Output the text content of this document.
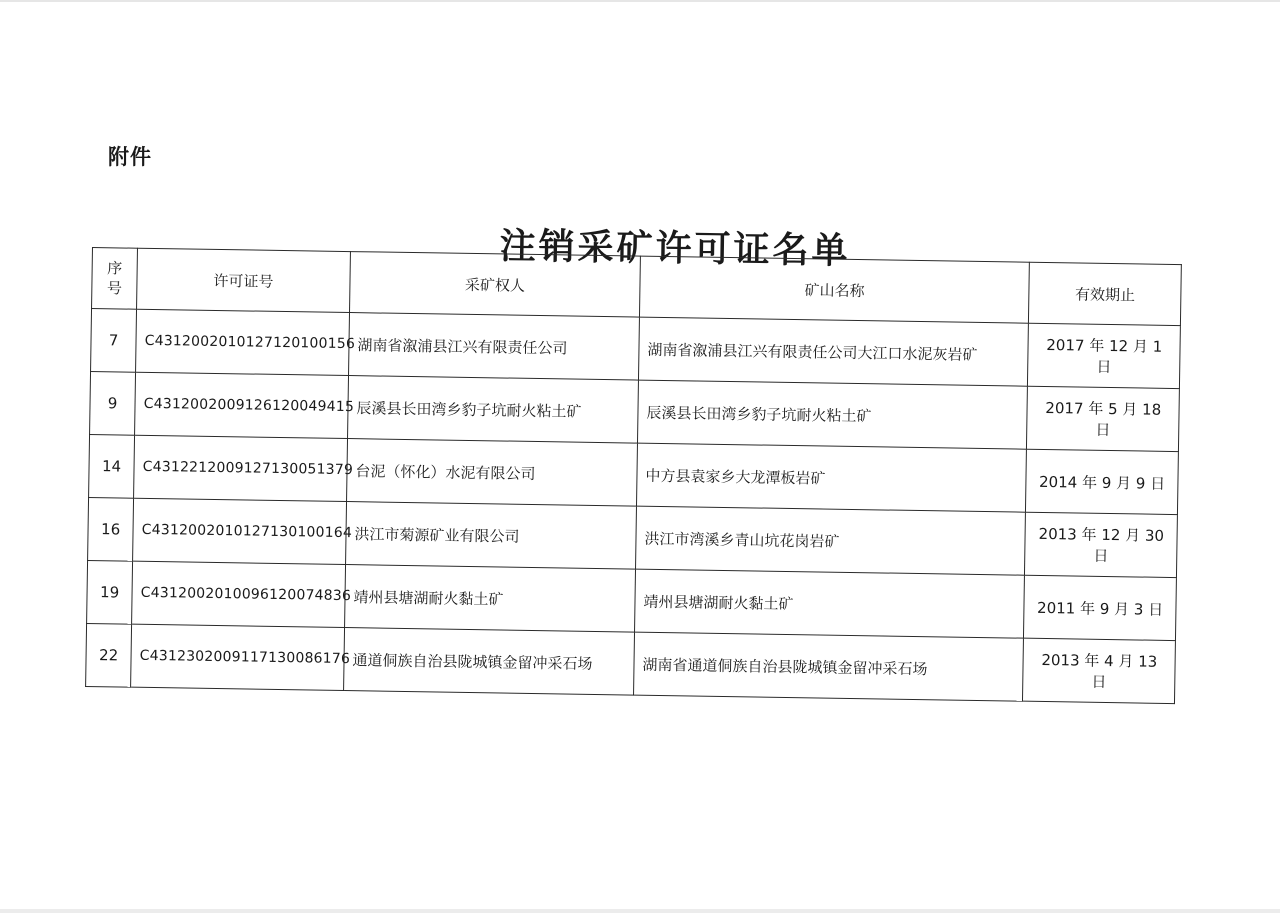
附件
注销采矿许可证名单
序号	许可证号	采矿权人	矿山名称	有效期止
7	C4312002010127120100156	湖南省溆浦县江兴有限责任公司	湖南省溆浦县江兴有限责任公司大江口水泥灰岩矿	2017 年 12 月 1 日
9	C4312002009126120049415	辰溪县长田湾乡豹子坑耐火粘土矿	辰溪县长田湾乡豹子坑耐火粘土矿	2017 年 5 月 18 日
14	C4312212009127130051379	台泥（怀化）水泥有限公司	中方县袁家乡大龙潭板岩矿	2014 年 9 月 9 日
16	C4312002010127130100164	洪江市菊源矿业有限公司	洪江市湾溪乡青山坑花岗岩矿	2013 年 12 月 30 日
19	C4312002010096120074836	靖州县塘湖耐火黏土矿	靖州县塘湖耐火黏土矿	2011 年 9 月 3 日
22	C4312302009117130086176	通道侗族自治县陇城镇金留冲采石场	湖南省通道侗族自治县陇城镇金留冲采石场	2013 年 4 月 13 日
